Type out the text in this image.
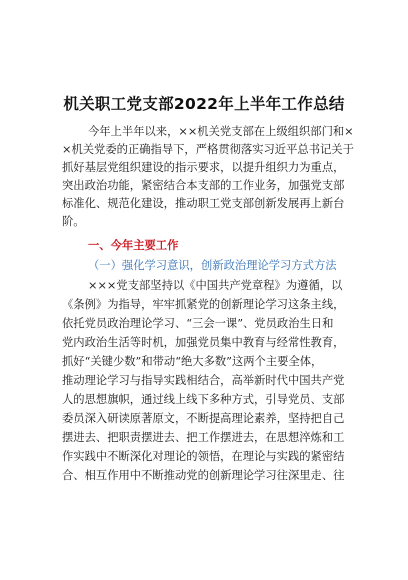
机关职工党支部2022年上半年工作总结
今年上半年以来，××机关党支部在上级组织部门和×
×机关党委的正确指导下，严格贯彻落实习近平总书记关于
抓好基层党组织建设的指示要求，以提升组织力为重点，
突出政治功能，紧密结合本支部的工作业务，加强党支部
标准化、规范化建设，推动职工党支部创新发展再上新台
阶。
一、今年主要工作
（一）强化学习意识，创新政治理论学习方式方法
×××党支部坚持以《中国共产党章程》为遵循，以
《条例》为指导，牢牢抓紧党的创新理论学习这条主线，
依托党员政治理论学习、“三会一课”、党员政治生日和
党内政治生活等时机，加强党员集中教育与经常性教育，
抓好“关键少数”和带动“绝大多数”这两个主要全体，
推动理论学习与指导实践相结合，高举新时代中国共产党
人的思想旗帜，通过线上线下多种方式，引导党员、支部
委员深入研读原著原文，不断提高理论素养，坚持把自己
摆进去、把职责摆进去、把工作摆进去，在思想淬炼和工
作实践中不断深化对理论的领悟，在理论与实践的紧密结
合、相互作用中不断推动党的创新理论学习往深里走、往
